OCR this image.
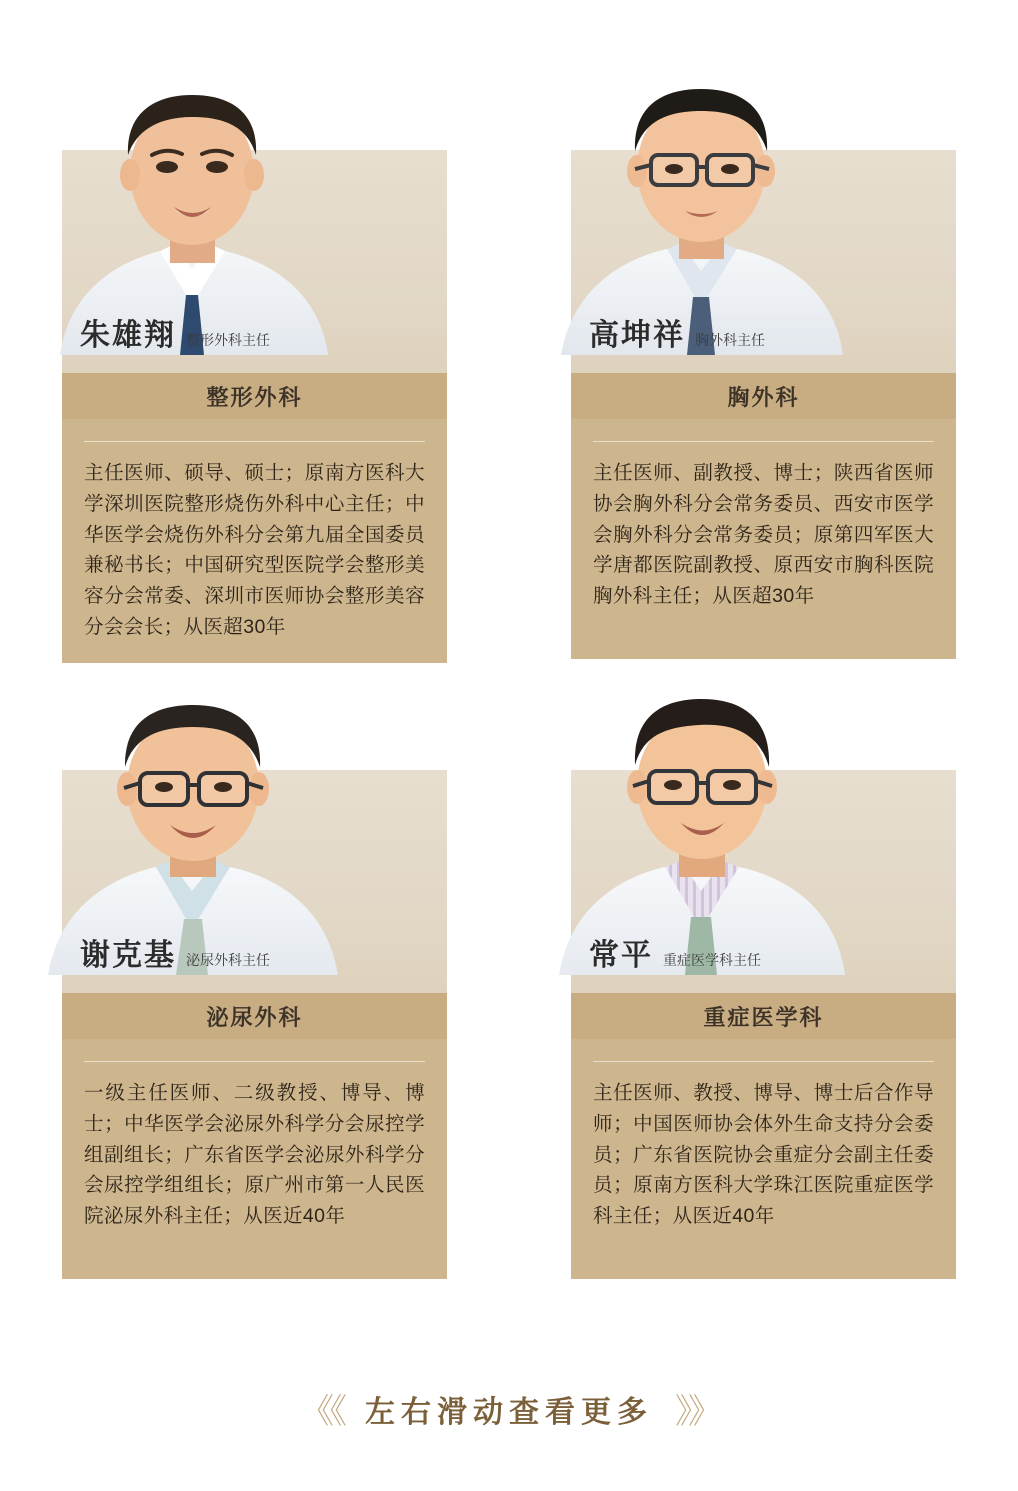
朱雄翔 整形外科主任
整形外科
主任医师、硕导、硕士；原南方医科大学深圳医院整形烧伤外科中心主任；中华医学会烧伤外科分会第九届全国委员兼秘书长；中国研究型医院学会整形美容分会常委、深圳市医师协会整形美容分会会长；从医超30年
高坤祥 胸外科主任
胸外科
主任医师、副教授、博士；陕西省医师协会胸外科分会常务委员、西安市医学会胸外科分会常务委员；原第四军医大学唐都医院副教授、原西安市胸科医院胸外科主任；从医超30年
谢克基 泌尿外科主任
泌尿外科
一级主任医师、二级教授、博导、博士；中华医学会泌尿外科学分会尿控学组副组长；广东省医学会泌尿外科学分会尿控学组组长；原广州市第一人民医院泌尿外科主任；从医近40年
常平 重症医学科主任
重症医学科
主任医师、教授、博导、博士后合作导师；中国医师协会体外生命支持分会委员；广东省医院协会重症分会副主任委员；原南方医科大学珠江医院重症医学科主任；从医近40年
《《 左右滑动查看更多 》》
